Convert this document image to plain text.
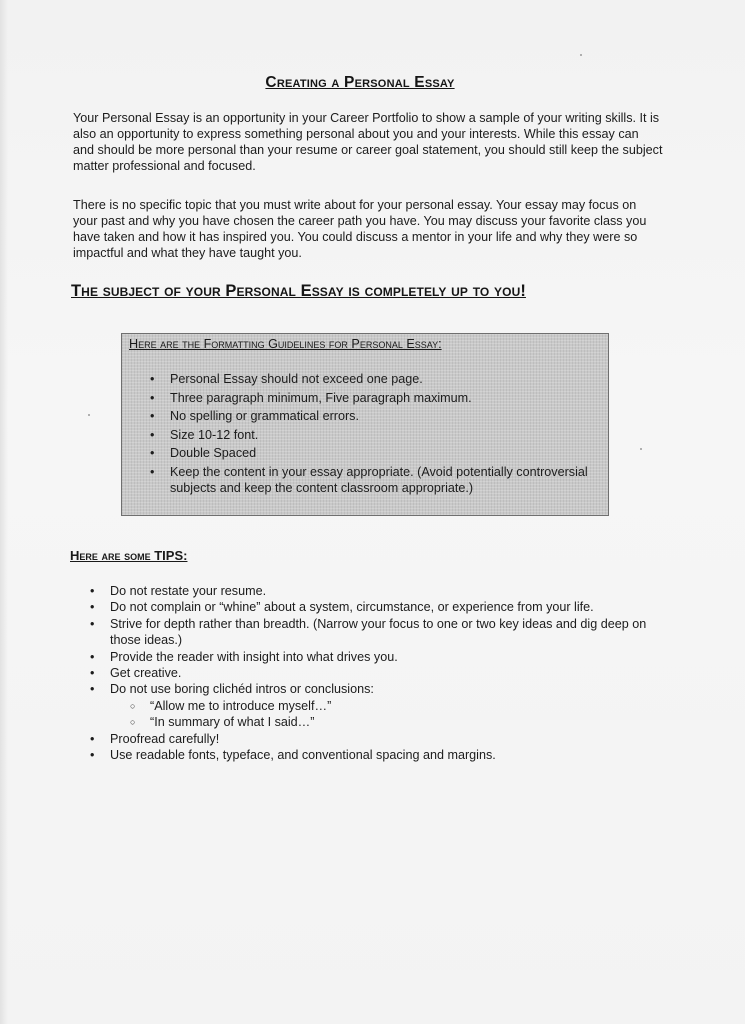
Creating a Personal Essay

Your Personal Essay is an opportunity in your Career Portfolio to show a sample of your writing skills. It is also an opportunity to express something personal about you and your interests. While this essay can and should be more personal than your resume or career goal statement, you should still keep the subject matter professional and focused.

There is no specific topic that you must write about for your personal essay. Your essay may focus on your past and why you have chosen the career path you have. You may discuss your favorite class you have taken and how it has inspired you. You could discuss a mentor in your life and why they were so impactful and what they have taught you.

The subject of your Personal Essay is completely up to you!
Here are the Formatting Guidelines for Personal Essay:
• Personal Essay should not exceed one page.
• Three paragraph minimum, Five paragraph maximum.
• No spelling or grammatical errors.
• Size 10-12 font.
• Double Spaced
• Keep the content in your essay appropriate. (Avoid potentially controversial subjects and keep the content classroom appropriate.)
Here are some TIPS:
• Do not restate your resume.
• Do not complain or “whine” about a system, circumstance, or experience from your life.
• Strive for depth rather than breadth. (Narrow your focus to one or two key ideas and dig deep on those ideas.)
• Provide the reader with insight into what drives you.
• Get creative.
• Do not use boring clichéd intros or conclusions:
○ “Allow me to introduce myself…”
○ “In summary of what I said…”
• Proofread carefully!
• Use readable fonts, typeface, and conventional spacing and margins.
